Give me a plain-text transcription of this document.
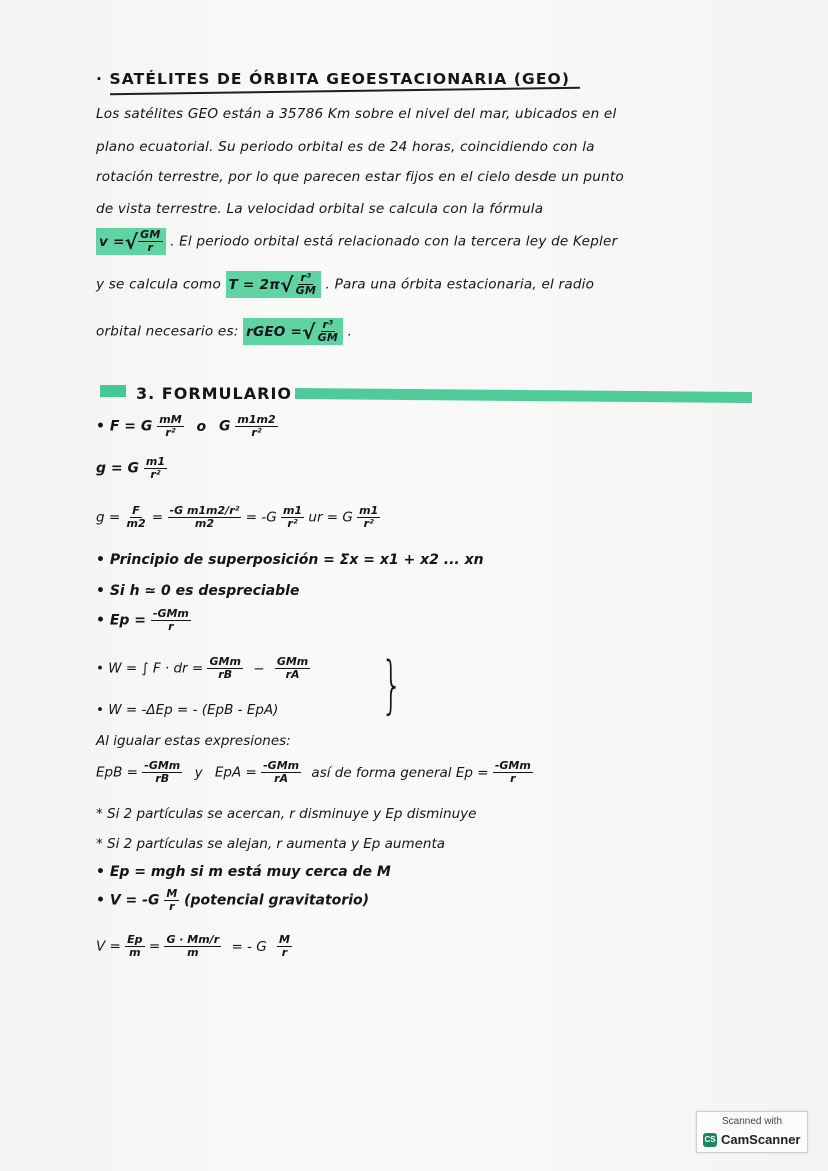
· SATÉLITES DE ÓRBITA GEOESTACIONARIA (GEO)
Los satélites GEO están a 35786 Km sobre el nivel del mar, ubicados en el
plano ecuatorial. Su periodo orbital es de 24 horas, coincidiendo con la
rotación terrestre, por lo que parecen estar fijos en el cielo desde un punto
de vista terrestre. La velocidad orbital se calcula con la fórmula
v = √ $\frac{GM}{r}$ . El periodo orbital está relacionado con la tercera ley de Kepler
y se calcula como T = 2π √ $\frac{\text{r³}}{GM}$ . Para una órbita estacionaria, el radio
orbital necesario es: rGEO = √ $\frac{\text{r³}}{GM}$ .
3. FORMULARIO
• F = G $\frac{mM}{\text{r²}}$ o G $\frac{m1m2}{\text{r²}}$
g = G $\frac{m1}{\text{r²}}$
$g = \frac{F}{m2} = \frac{\text{-G m1m2/r²}}{m2} = -G \frac{m1}{\text{r²}}$ ur = G $\frac{m1}{\text{r²}}$
• Principio de superposición = Σx = x1 + x2 ... xn
• Si h ≃ 0 es despreciable
• $Ep = \frac{\text{-GMm}}{r}$
• W = ∫ F · dr = $\frac{\text{GMm}}{rB} - \frac{\text{GMm}}{rA}$
• W = -ΔEp = - (EpB - EpA) }
Al igualar estas expresiones:
EpB = $\frac{\text{-GMm}}{rB}$ y EpA = $\frac{\text{-GMm}}{rA}$ así de forma general $Ep = \frac{\text{-GMm}}{r}$
* Si 2 partículas se acercan, r disminuye y Ep disminuye
* Si 2 partículas se alejan, r aumenta y Ep aumenta
• Ep = mgh si m está muy cerca de M
• $V = -G \frac{M}{r}$ (potencial gravitatorio)
$V = \frac{Ep}{m} = \frac{G \cdot Mm/r}{m}$ = - G $\frac{M}{r}$
Scanned with
CS CamScanner
